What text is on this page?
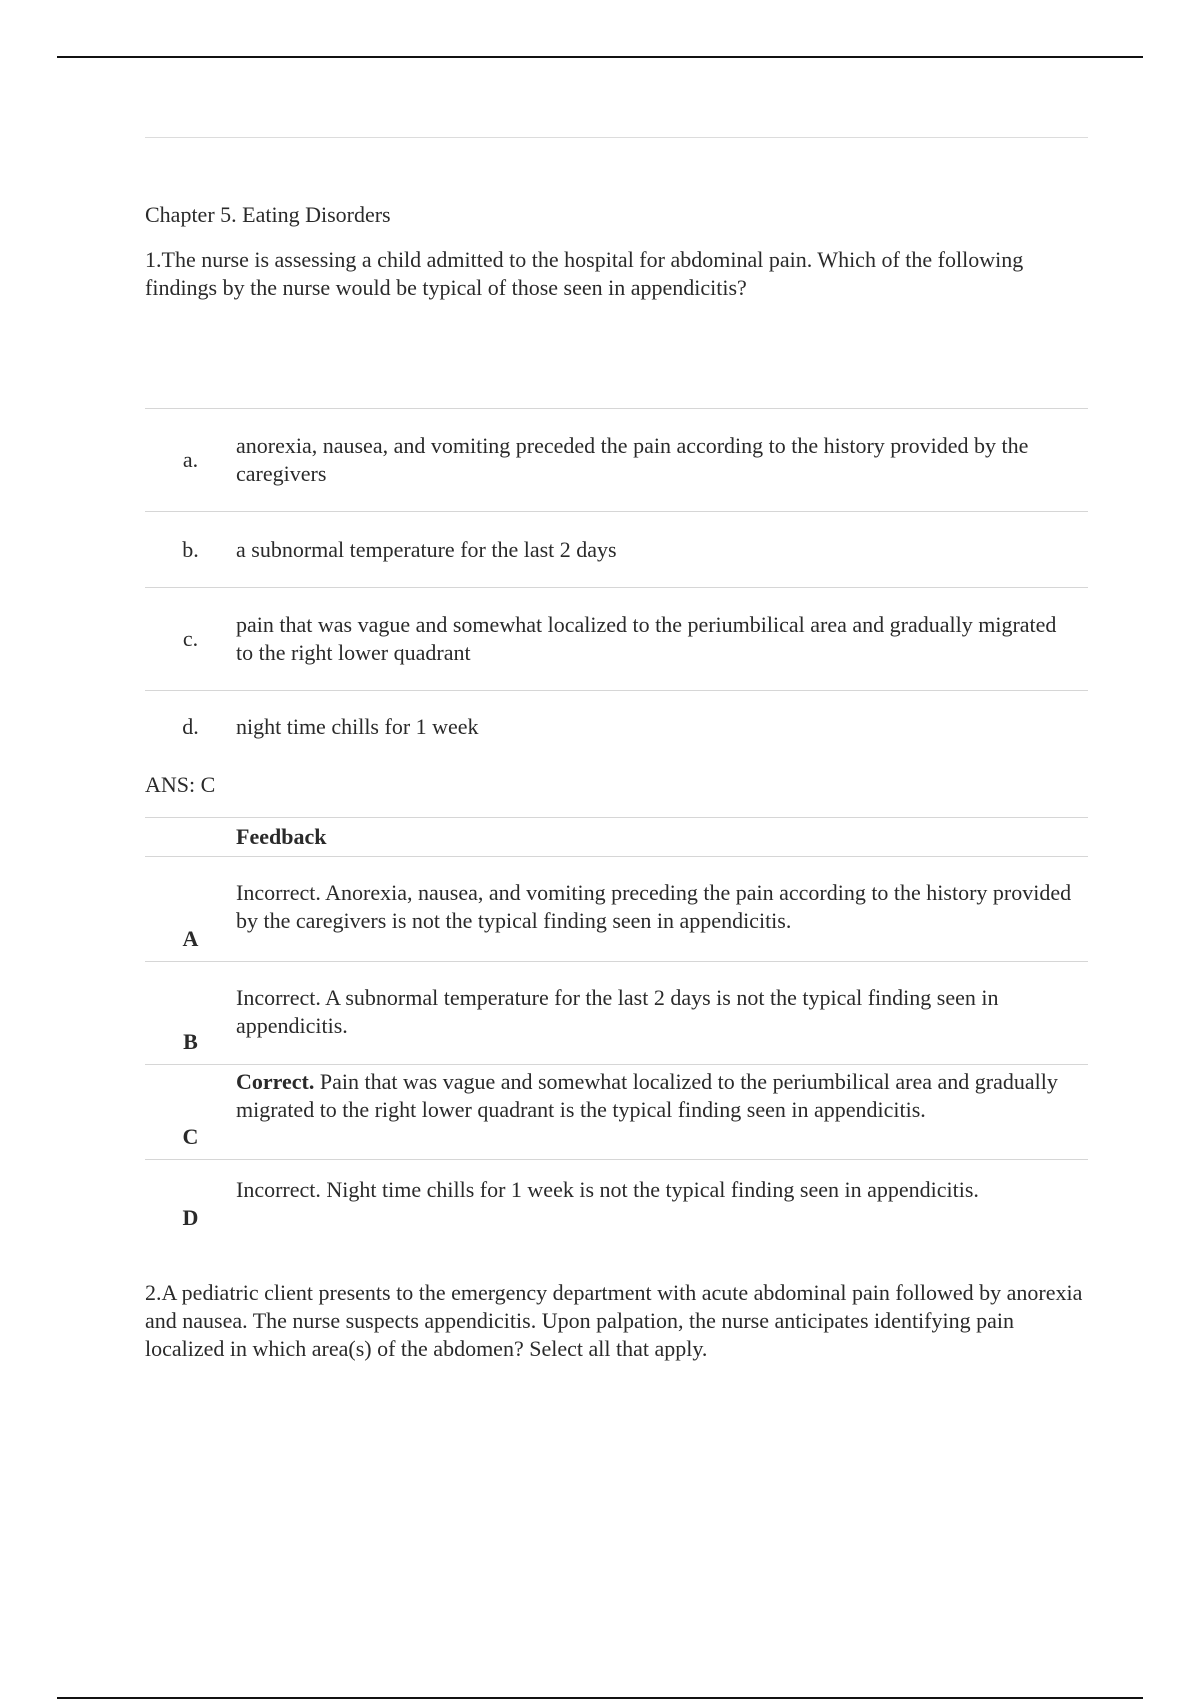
Chapter 5. Eating Disorders
1.The nurse is assessing a child admitted to the hospital for abdominal pain. Which of the following findings by the nurse would be typical of those seen in appendicitis?
a.
anorexia, nausea, and vomiting preceded the pain according to the history provided by the caregivers
b.	a subnormal temperature for the last 2 days
c.
pain that was vague and somewhat localized to the periumbilical area and gradually migrated to the right lower quadrant
d.	night time chills for 1 week
ANS: C
Feedback
A
Incorrect. Anorexia, nausea, and vomiting preceding the pain according to the history provided by the caregivers is not the typical finding seen in appendicitis.
B
Incorrect. A subnormal temperature for the last 2 days is not the typical finding seen in appendicitis.
C
Correct. Pain that was vague and somewhat localized to the periumbilical area and gradually migrated to the right lower quadrant is the typical finding seen in appendicitis.
D
Incorrect. Night time chills for 1 week is not the typical finding seen in appendicitis.
2.A pediatric client presents to the emergency department with acute abdominal pain followed by anorexia and nausea. The nurse suspects appendicitis. Upon palpation, the nurse anticipates identifying pain localized in which area(s) of the abdomen? Select all that apply.
